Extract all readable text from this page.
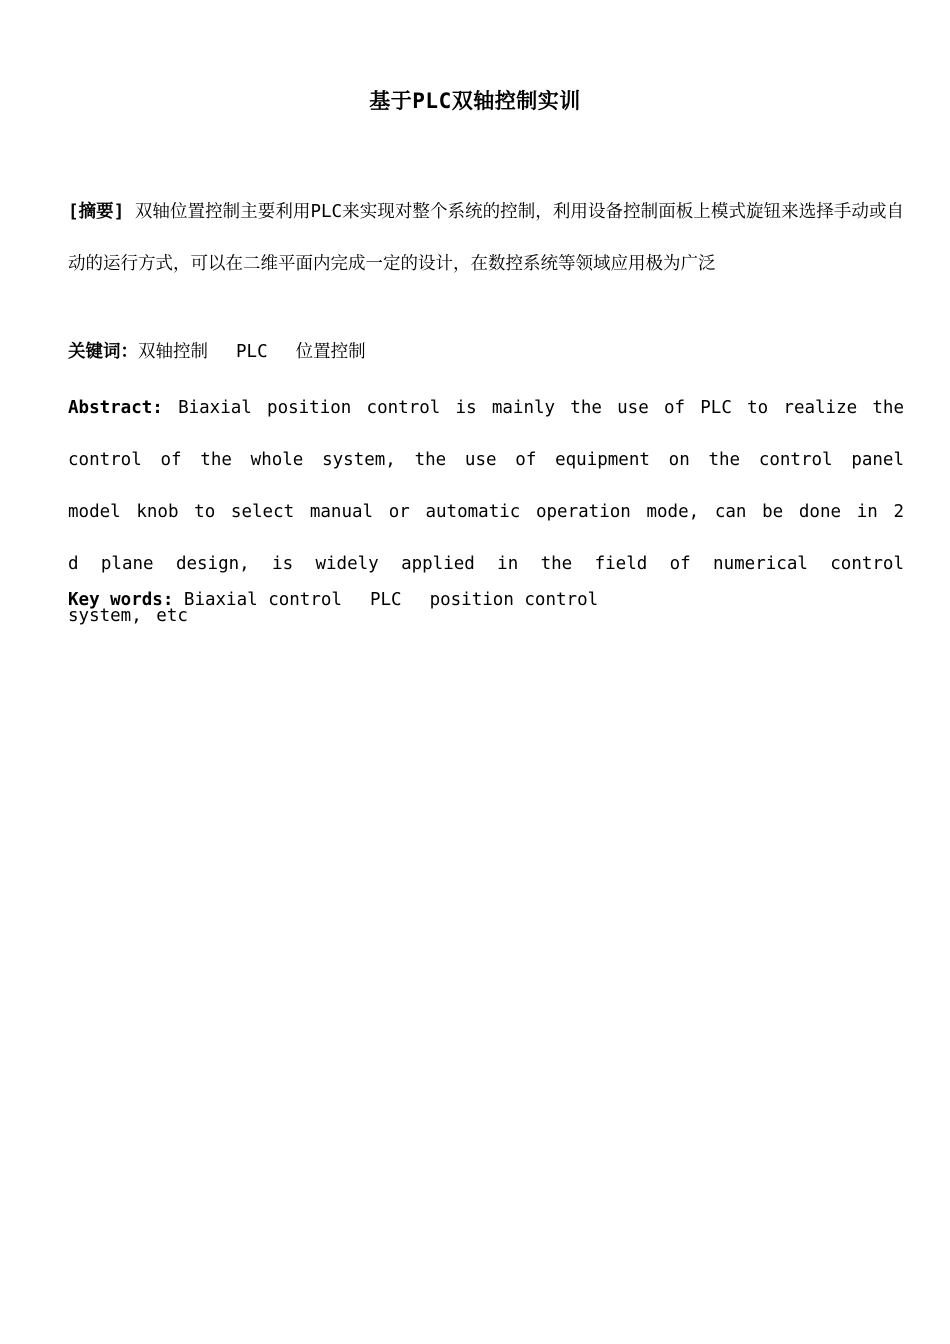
基于PLC双轴控制实训
[摘要] 双轴位置控制主要利用PLC来实现对整个系统的控制，利用设备控制面板上模式旋钮来选择手动或自动的运行方式，可以在二维平面内完成一定的设计，在数控系统等领域应用极为广泛
关键词：双轴控制 PLC 位置控制
Abstract: Biaxial position control is mainly the use of PLC to realize the control of the whole system, the use of equipment on the control panel model knob to select manual or automatic operation mode, can be done in 2 d plane design, is widely applied in the field of numerical control system, etc
Key words: Biaxial control PLC position control
